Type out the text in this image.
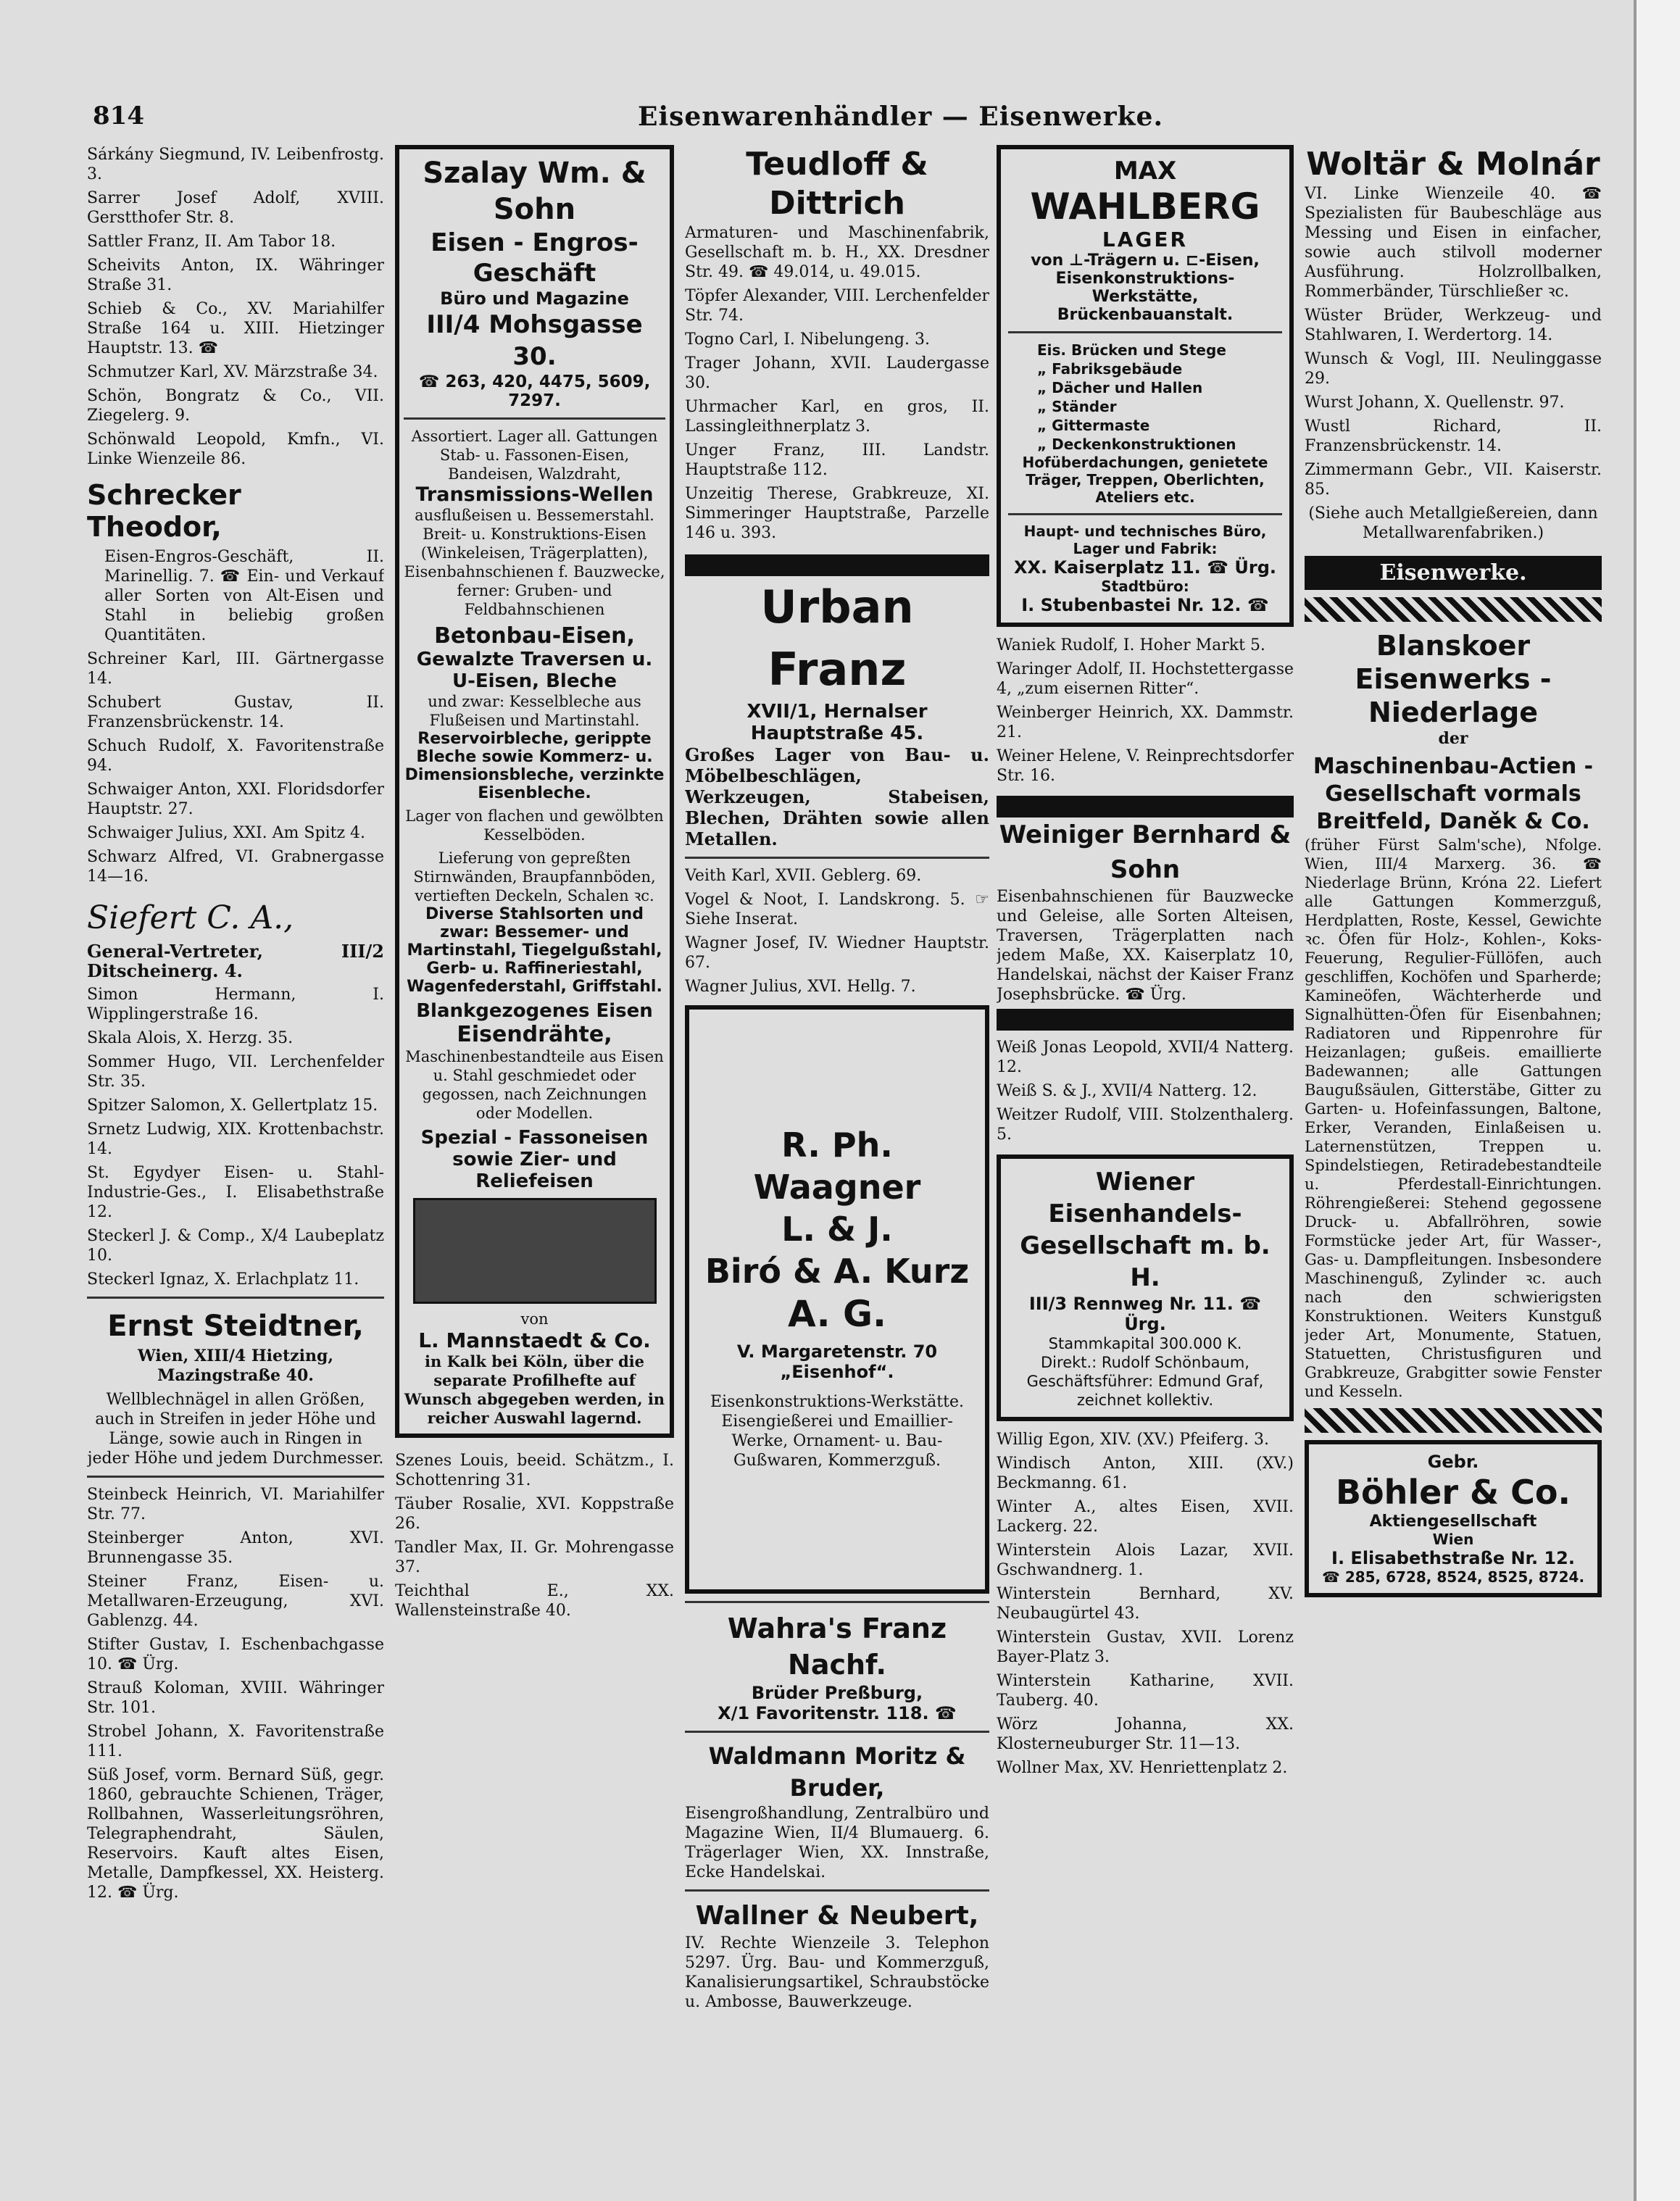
814	Eisenwarenhändler — Eisenwerke.
Sárkány Siegmund, IV. Leibenfrostg. 3.
Sarrer Josef Adolf, XVIII. Gerstthofer Str. 8.
Sattler Franz, II. Am Tabor 18.
Scheivits Anton, IX. Währinger Straße 31.
Schieb & Co., XV. Mariahilfer Straße 164 u. XIII. Hietzinger Hauptstr. 13. ☎
Schmutzer Karl, XV. Märzstraße 34.
Schön, Bongratz & Co., VII. Ziegelerg. 9.
Schönwald Leopold, Kmfn., VI. Linke Wienzeile 86.
Schrecker Theodor,
Eisen-Engros-Geschäft, II. Marinellig. 7. ☎ Ein- und Verkauf aller Sorten von Alt-Eisen und Stahl in beliebig großen Quantitäten.
Schreiner Karl, III. Gärtnergasse 14.
Schubert Gustav, II. Franzensbrückenstr. 14.
Schuch Rudolf, X. Favoritenstraße 94.
Schwaiger Anton, XXI. Floridsdorfer Hauptstr. 27.
Schwaiger Julius, XXI. Am Spitz 4.
Schwarz Alfred, VI. Grabnergasse 14—16.
Siefert C. A.,
General-Vertreter, III/2 Ditscheinerg. 4.
Simon Hermann, I. Wipplingerstraße 16.
Skala Alois, X. Herzg. 35.
Sommer Hugo, VII. Lerchenfelder Str. 35.
Spitzer Salomon, X. Gellertplatz 15.
Srnetz Ludwig, XIX. Krottenbachstr. 14.
St. Egydyer Eisen- u. Stahl-Industrie-Ges., I. Elisabethstraße 12.
Steckerl J. & Comp., X/4 Laubeplatz 10.
Steckerl Ignaz, X. Erlachplatz 11.
Ernst Steidtner,
Wien, XIII/4 Hietzing, Mazingstraße 40.
Wellblechnägel in allen Größen, auch in Streifen in jeder Höhe und Länge, sowie auch in Ringen in jeder Höhe und jedem Durchmesser.
Steinbeck Heinrich, VI. Mariahilfer Str. 77.
Steinberger Anton, XVI. Brunnengasse 35.
Steiner Franz, Eisen- u. Metallwaren-Erzeugung, XVI. Gablenzg. 44.
Stifter Gustav, I. Eschenbachgasse 10. ☎ Ürg.
Strauß Koloman, XVIII. Währinger Str. 101.
Strobel Johann, X. Favoritenstraße 111.
Süß Josef, vorm. Bernard Süß, gegr. 1860, gebrauchte Schienen, Träger, Rollbahnen, Wasserleitungsröhren, Telegraphendraht, Säulen, Reservoirs. Kauft altes Eisen, Metalle, Dampfkessel, XX. Heisterg. 12. ☎ Ürg.
Szalay Wm. & Sohn
Eisen - Engros-Geschäft
Büro und Magazine
III/4 Mohsgasse 30.
☎ 263, 420, 4475, 5609, 7297.
Assortiert. Lager all. Gattungen Stab- u. Fassonen-Eisen, Bandeisen, Walzdraht,
Transmissions-Wellen
ausflußeisen u. Bessemerstahl. Breit- u. Konstruktions-Eisen (Winkeleisen, Trägerplatten), Eisenbahnschienen f. Bauzwecke, ferner: Gruben- und Feldbahnschienen
Betonbau-Eisen,
Gewalzte Traversen u. U-Eisen, Bleche
und zwar: Kesselbleche aus Flußeisen und Martinstahl.
Reservoirbleche, gerippte Bleche sowie Kommerz- u. Dimensionsbleche, verzinkte Eisenbleche.
Lager von flachen und gewölbten Kesselböden.
Lieferung von gepreßten Stirnwänden, Braupfannböden, vertieften Deckeln, Schalen ꝛc.
Diverse Stahlsorten und zwar: Bessemer- und Martinstahl, Tiegelgußstahl, Gerb- u. Raffineriestahl, Wagenfederstahl, Griffstahl.
Blankgezogenes Eisen
Eisendrähte,
Maschinenbestandteile aus Eisen u. Stahl geschmiedet oder gegossen, nach Zeichnungen oder Modellen.
Spezial - Fassoneisen sowie Zier- und Reliefeisen
von
L. Mannstaedt & Co.
in Kalk bei Köln, über die separate Profilhefte auf Wunsch abgegeben werden, in reicher Auswahl lagernd.
Szenes Louis, beeid. Schätzm., I. Schottenring 31.
Täuber Rosalie, XVI. Koppstraße 26.
Tandler Max, II. Gr. Mohrengasse 37.
Teichthal E., XX. Wallensteinstraße 40.
Teudloff & Dittrich
Armaturen- und Maschinenfabrik, Gesellschaft m. b. H., XX. Dresdner Str. 49. ☎ 49.014, u. 49.015.
Töpfer Alexander, VIII. Lerchenfelder Str. 74.
Togno Carl, I. Nibelungeng. 3.
Trager Johann, XVII. Laudergasse 30.
Uhrmacher Karl, en gros, II. Lassingleithnerplatz 3.
Unger Franz, III. Landstr. Hauptstraße 112.
Unzeitig Therese, Grabkreuze, XI. Simmeringer Hauptstraße, Parzelle 146 u. 393.
Urban Franz
XVII/1, Hernalser Hauptstraße 45.
Großes Lager von Bau- u. Möbelbeschlägen, Werkzeugen, Stabeisen, Blechen, Drähten sowie allen Metallen.
Veith Karl, XVII. Geblerg. 69.
Vogel & Noot, I. Landskrong. 5. ☞ Siehe Inserat.
Wagner Josef, IV. Wiedner Hauptstr. 67.
Wagner Julius, XVI. Hellg. 7.
R. Ph. Waagner
L. & J.
Biró & A. Kurz
A. G.
V. Margaretenstr. 70 „Eisenhof“.
Eisenkonstruktions-Werkstätte. Eisengießerei und Emaillier-Werke, Ornament- u. Bau-Gußwaren, Kommerzguß.
Wahra's Franz Nachf.
Brüder Preßburg,
X/1 Favoritenstr. 118. ☎
Waldmann Moritz & Bruder,
Eisengroßhandlung, Zentralbüro und Magazine Wien, II/4 Blumauerg. 6. Trägerlager Wien, XX. Innstraße, Ecke Handelskai.
Wallner & Neubert,
IV. Rechte Wienzeile 3. Telephon 5297. Ürg. Bau- und Kommerzguß, Kanalisierungsartikel, Schraubstöcke u. Ambosse, Bauwerkzeuge.
MAX
WAHLBERG
LAGER
von ⊥-Trägern u. ⊏-Eisen, Eisenkonstruktions-Werkstätte, Brückenbauanstalt.
Eis. Brücken und Stege
„ Fabriksgebäude
„ Dächer und Hallen
„ Ständer
„ Gittermaste
„ Deckenkonstruktionen
Hofüberdachungen, genietete Träger, Treppen, Oberlichten, Ateliers etc.
Haupt- und technisches Büro, Lager und Fabrik:
XX. Kaiserplatz 11. ☎ Ürg.
Stadtbüro:
I. Stubenbastei Nr. 12. ☎
Waniek Rudolf, I. Hoher Markt 5.
Waringer Adolf, II. Hochstettergasse 4, „zum eisernen Ritter“.
Weinberger Heinrich, XX. Dammstr. 21.
Weiner Helene, V. Reinprechtsdorfer Str. 16.
Weiniger Bernhard & Sohn
Eisenbahnschienen für Bauzwecke und Geleise, alle Sorten Alteisen, Traversen, Trägerplatten nach jedem Maße, XX. Kaiserplatz 10, Handelskai, nächst der Kaiser Franz Josephsbrücke. ☎ Ürg.
Weiß Jonas Leopold, XVII/4 Natterg. 12.
Weiß S. & J., XVII/4 Natterg. 12.
Weitzer Rudolf, VIII. Stolzenthalerg. 5.
Wiener Eisenhandels-Gesellschaft m. b. H.
III/3 Rennweg Nr. 11. ☎ Ürg.
Stammkapital 300.000 K.
Direkt.: Rudolf Schönbaum, Geschäftsführer: Edmund Graf, zeichnet kollektiv.
Willig Egon, XIV. (XV.) Pfeiferg. 3.
Windisch Anton, XIII. (XV.) Beckmanng. 61.
Winter A., altes Eisen, XVII. Lackerg. 22.
Winterstein Alois Lazar, XVII. Gschwandnerg. 1.
Winterstein Bernhard, XV. Neubaugürtel 43.
Winterstein Gustav, XVII. Lorenz Bayer-Platz 3.
Winterstein Katharine, XVII. Tauberg. 40.
Wörz Johanna, XX. Klosterneuburger Str. 11—13.
Wollner Max, XV. Henriettenplatz 2.
Woltär & Molnár
VI. Linke Wienzeile 40. ☎ Spezialisten für Baubeschläge aus Messing und Eisen in einfacher, sowie auch stilvoll moderner Ausführung. Holzrollbalken, Rommerbänder, Türschließer ꝛc.
Wüster Brüder, Werkzeug- und Stahlwaren, I. Werdertorg. 14.
Wunsch & Vogl, III. Neulinggasse 29.
Wurst Johann, X. Quellenstr. 97.
Wustl Richard, II. Franzensbrückenstr. 14.
Zimmermann Gebr., VII. Kaiserstr. 85.
(Siehe auch Metallgießereien, dann Metallwarenfabriken.)
Eisenwerke.
Blanskoer Eisenwerks - Niederlage
der
Maschinenbau-Actien - Gesellschaft vormals Breitfeld, Daněk & Co.
(früher Fürst Salm'sche), Nfolge. Wien, III/4 Marxerg. 36. ☎ Niederlage Brünn, Króna 22. Liefert alle Gattungen Kommerzguß, Herdplatten, Roste, Kessel, Gewichte ꝛc. Öfen für Holz-, Kohlen-, Koks-Feuerung, Regulier-Füllöfen, auch geschliffen, Kochöfen und Sparherde; Kamineöfen, Wächterherde und Signalhütten-Öfen für Eisenbahnen; Radiatoren und Rippenrohre für Heizanlagen; gußeis. emaillierte Badewannen; alle Gattungen Baugußsäulen, Gitterstäbe, Gitter zu Garten- u. Hofeinfassungen, Baltone, Erker, Veranden, Einlaßeisen u. Laternenstützen, Treppen u. Spindelstiegen, Retiradebestandteile u. Pferdestall-Einrichtungen. Röhrengießerei: Stehend gegossene Druck- u. Abfallröhren, sowie Formstücke jeder Art, für Wasser-, Gas- u. Dampfleitungen. Insbesondere Maschinenguß, Zylinder ꝛc. auch nach den schwierigsten Konstruktionen. Weiters Kunstguß jeder Art, Monumente, Statuen, Statuetten, Christusfiguren und Grabkreuze, Grabgitter sowie Fenster und Kesseln.
Gebr.
Böhler & Co.
Aktiengesellschaft
Wien
I. Elisabethstraße Nr. 12.
☎ 285, 6728, 8524, 8525, 8724.
